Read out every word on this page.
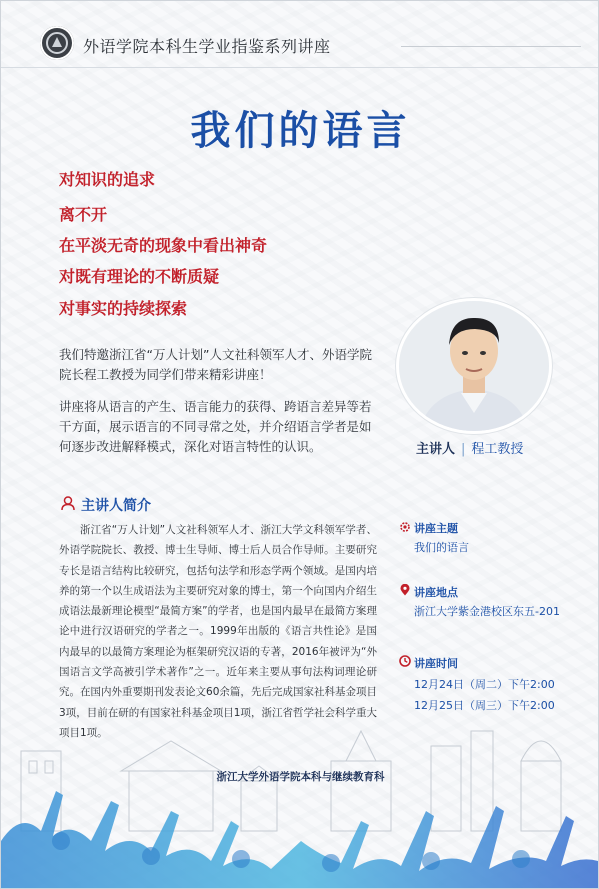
外语学院本科生学业指鉴系列讲座
我们的语言
对知识的追求
离不开
在平淡无奇的现象中看出神奇
对既有理论的不断质疑
对事实的持续探索
主讲人 | 程工教授
我们特邀浙江省“万人计划”人文社科领军人才、外语学院院长程工教授为同学们带来精彩讲座！
讲座将从语言的产生、语言能力的获得、跨语言差异等若干方面，展示语言的不同寻常之处，并介绍语言学者是如何逐步改进解释模式，深化对语言特性的认识。
主讲人简介
浙江省“万人计划”人文社科领军人才、浙江大学文科领军学者、外语学院院长、教授、博士生导师、博士后人员合作导师。主要研究专长是语言结构比较研究，包括句法学和形态学两个领域。是国内培养的第一个以生成语法为主要研究对象的博士，第一个向国内介绍生成语法最新理论模型“最简方案”的学者，也是国内最早在最简方案理论中进行汉语研究的学者之一。1999年出版的《语言共性论》是国内最早的以最简方案理论为框架研究汉语的专著，2016年被评为“外国语言文学高被引学术著作”之一。近年来主要从事句法构词理论研究。在国内外重要期刊发表论文60余篇，先后完成国家社科基金项目3项，目前在研的有国家社科基金项目1项，浙江省哲学社会科学重大项目1项。
讲座主题
我们的语言
讲座地点
浙江大学紫金港校区东五-201
讲座时间
12月24日（周二）下午2:00
12月25日（周三）下午2:00
浙江大学外语学院本科与继续教育科
